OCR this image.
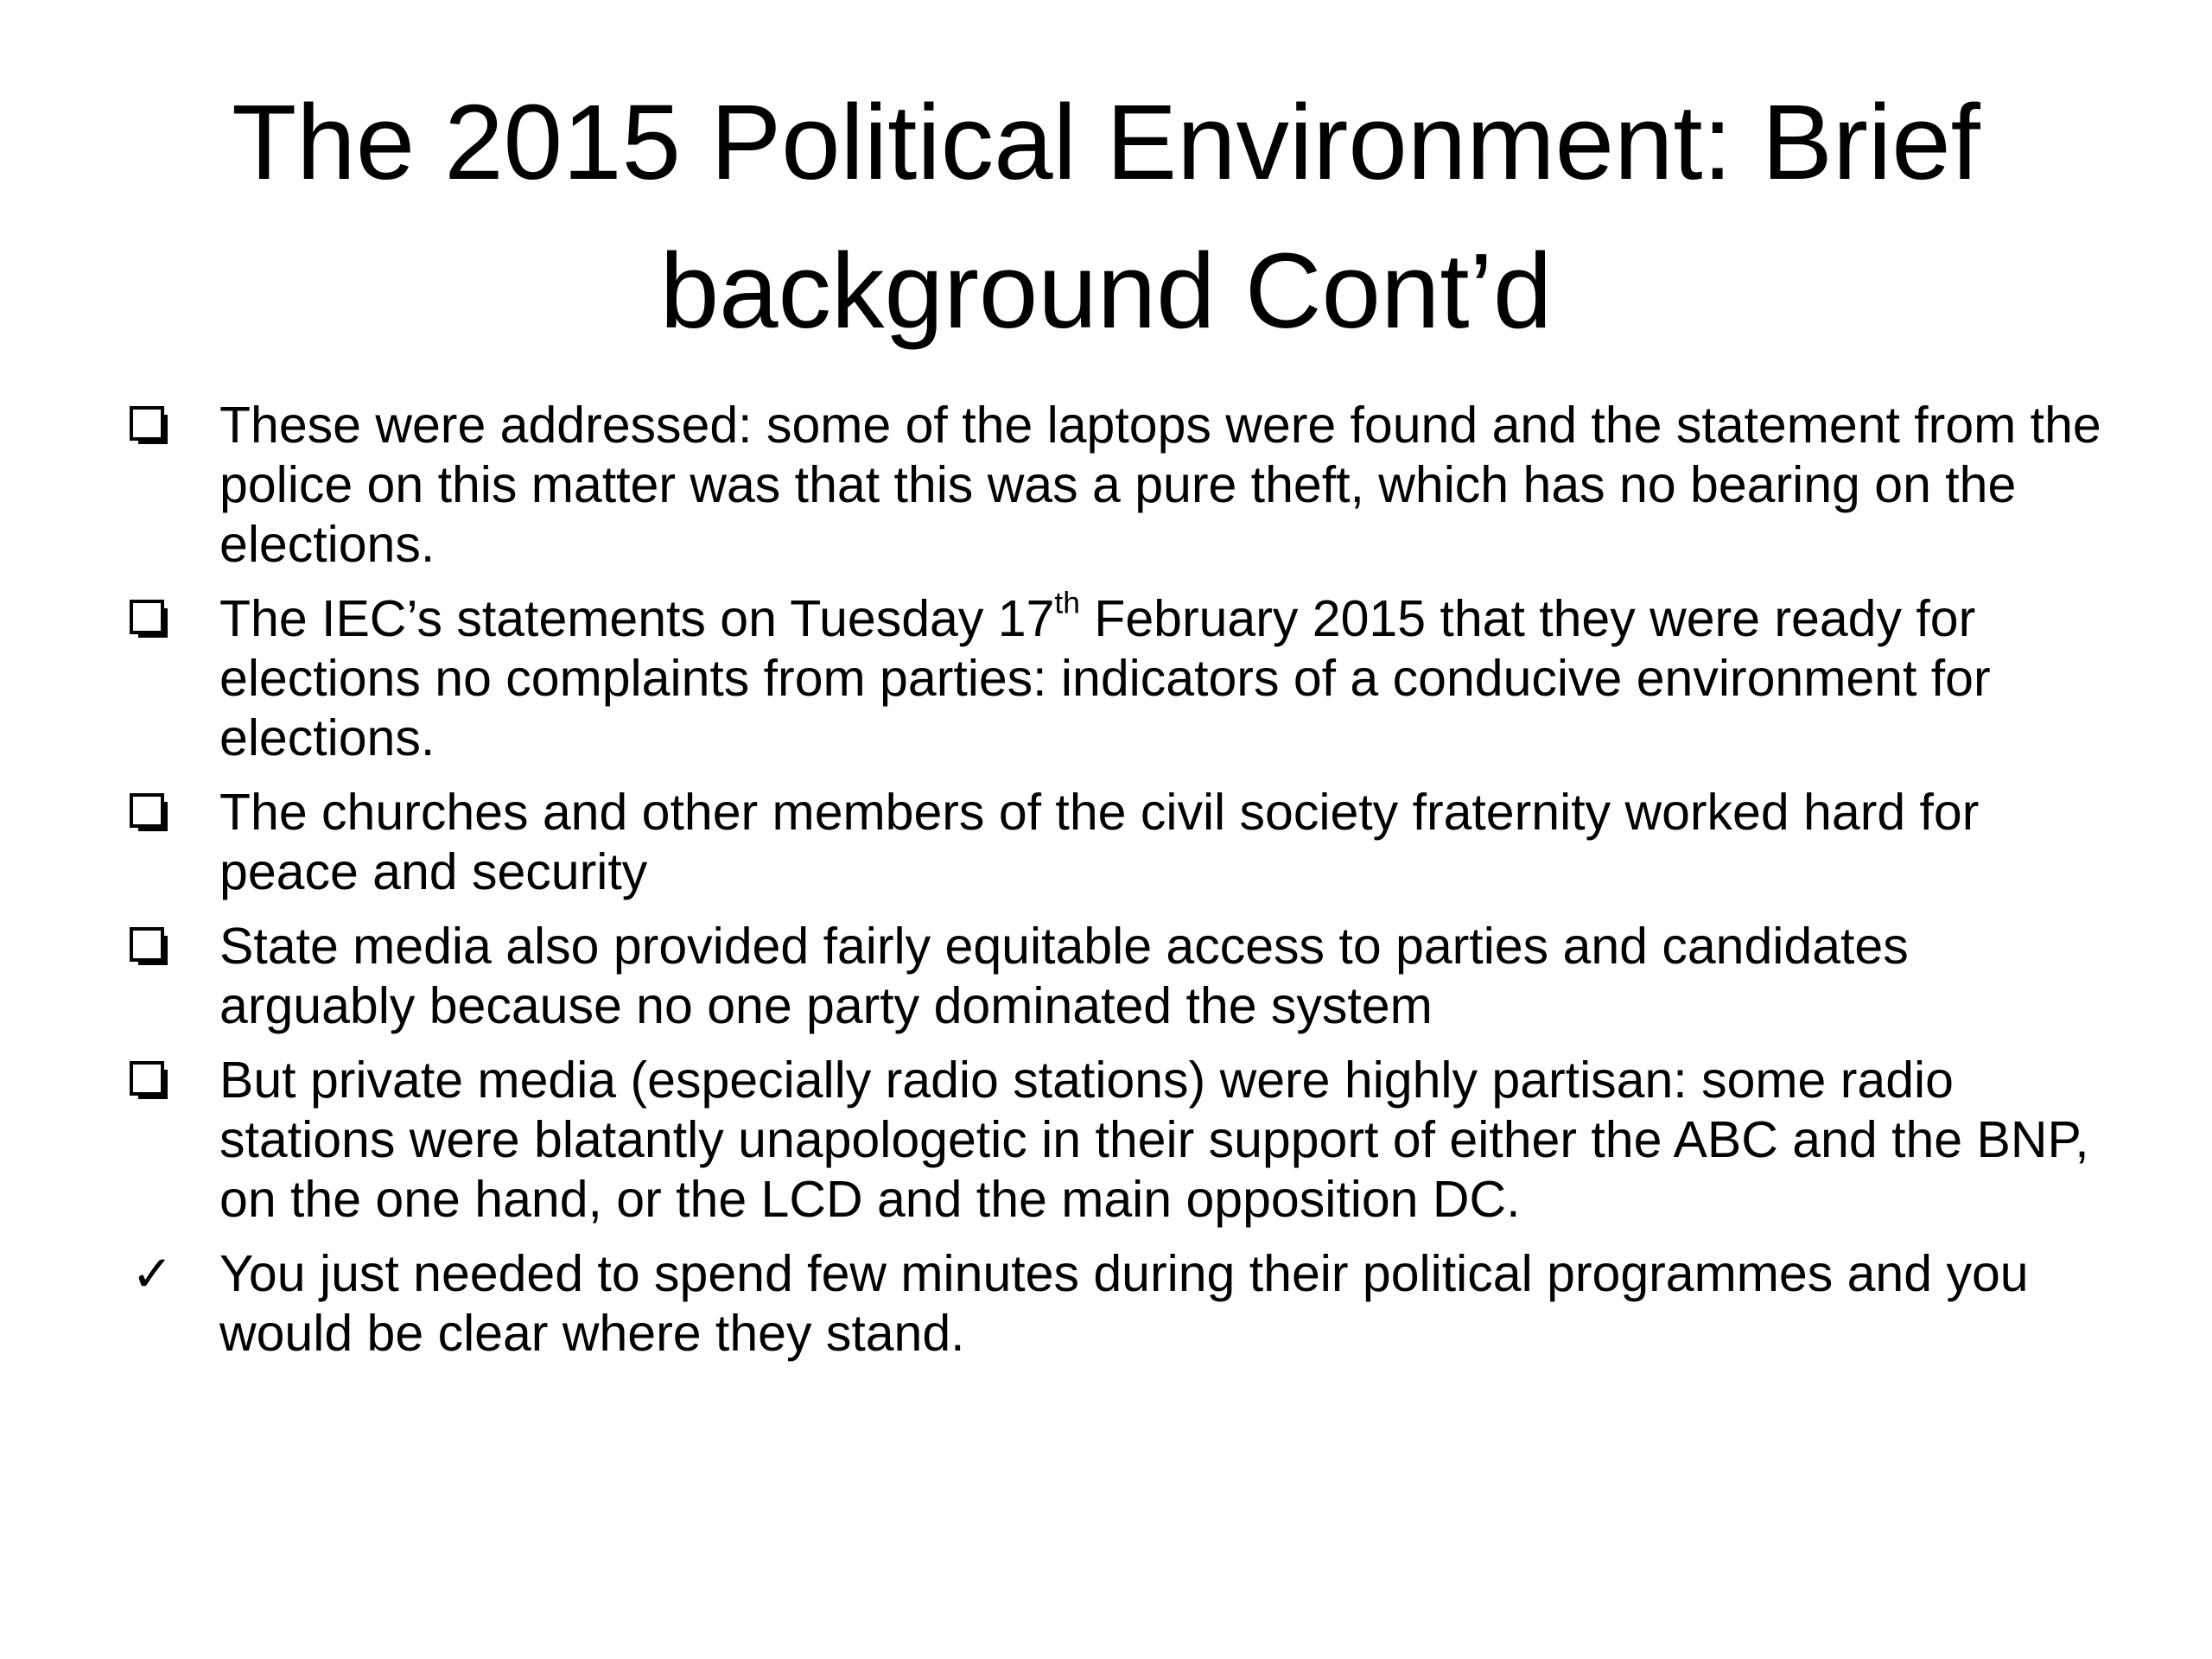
The 2015 Political Environment: Brief background Cont’d
These were addressed: some of the laptops were found and the statement from the police on this matter was that this was a pure theft, which has no bearing on the elections.
The IEC’s statements on Tuesday 17th February 2015 that they were ready for elections no complaints from parties: indicators of a conducive environment for elections.
The churches and other members of the civil society fraternity worked hard for peace and security
State media also provided fairly equitable access to parties and candidates arguably because no one party dominated the system
But private media (especially radio stations) were highly partisan: some radio stations were blatantly unapologetic in their support of either the ABC and the BNP, on the one hand, or the LCD and the main opposition DC.
✓ You just needed to spend few minutes during their political programmes and you would be clear where they stand.
